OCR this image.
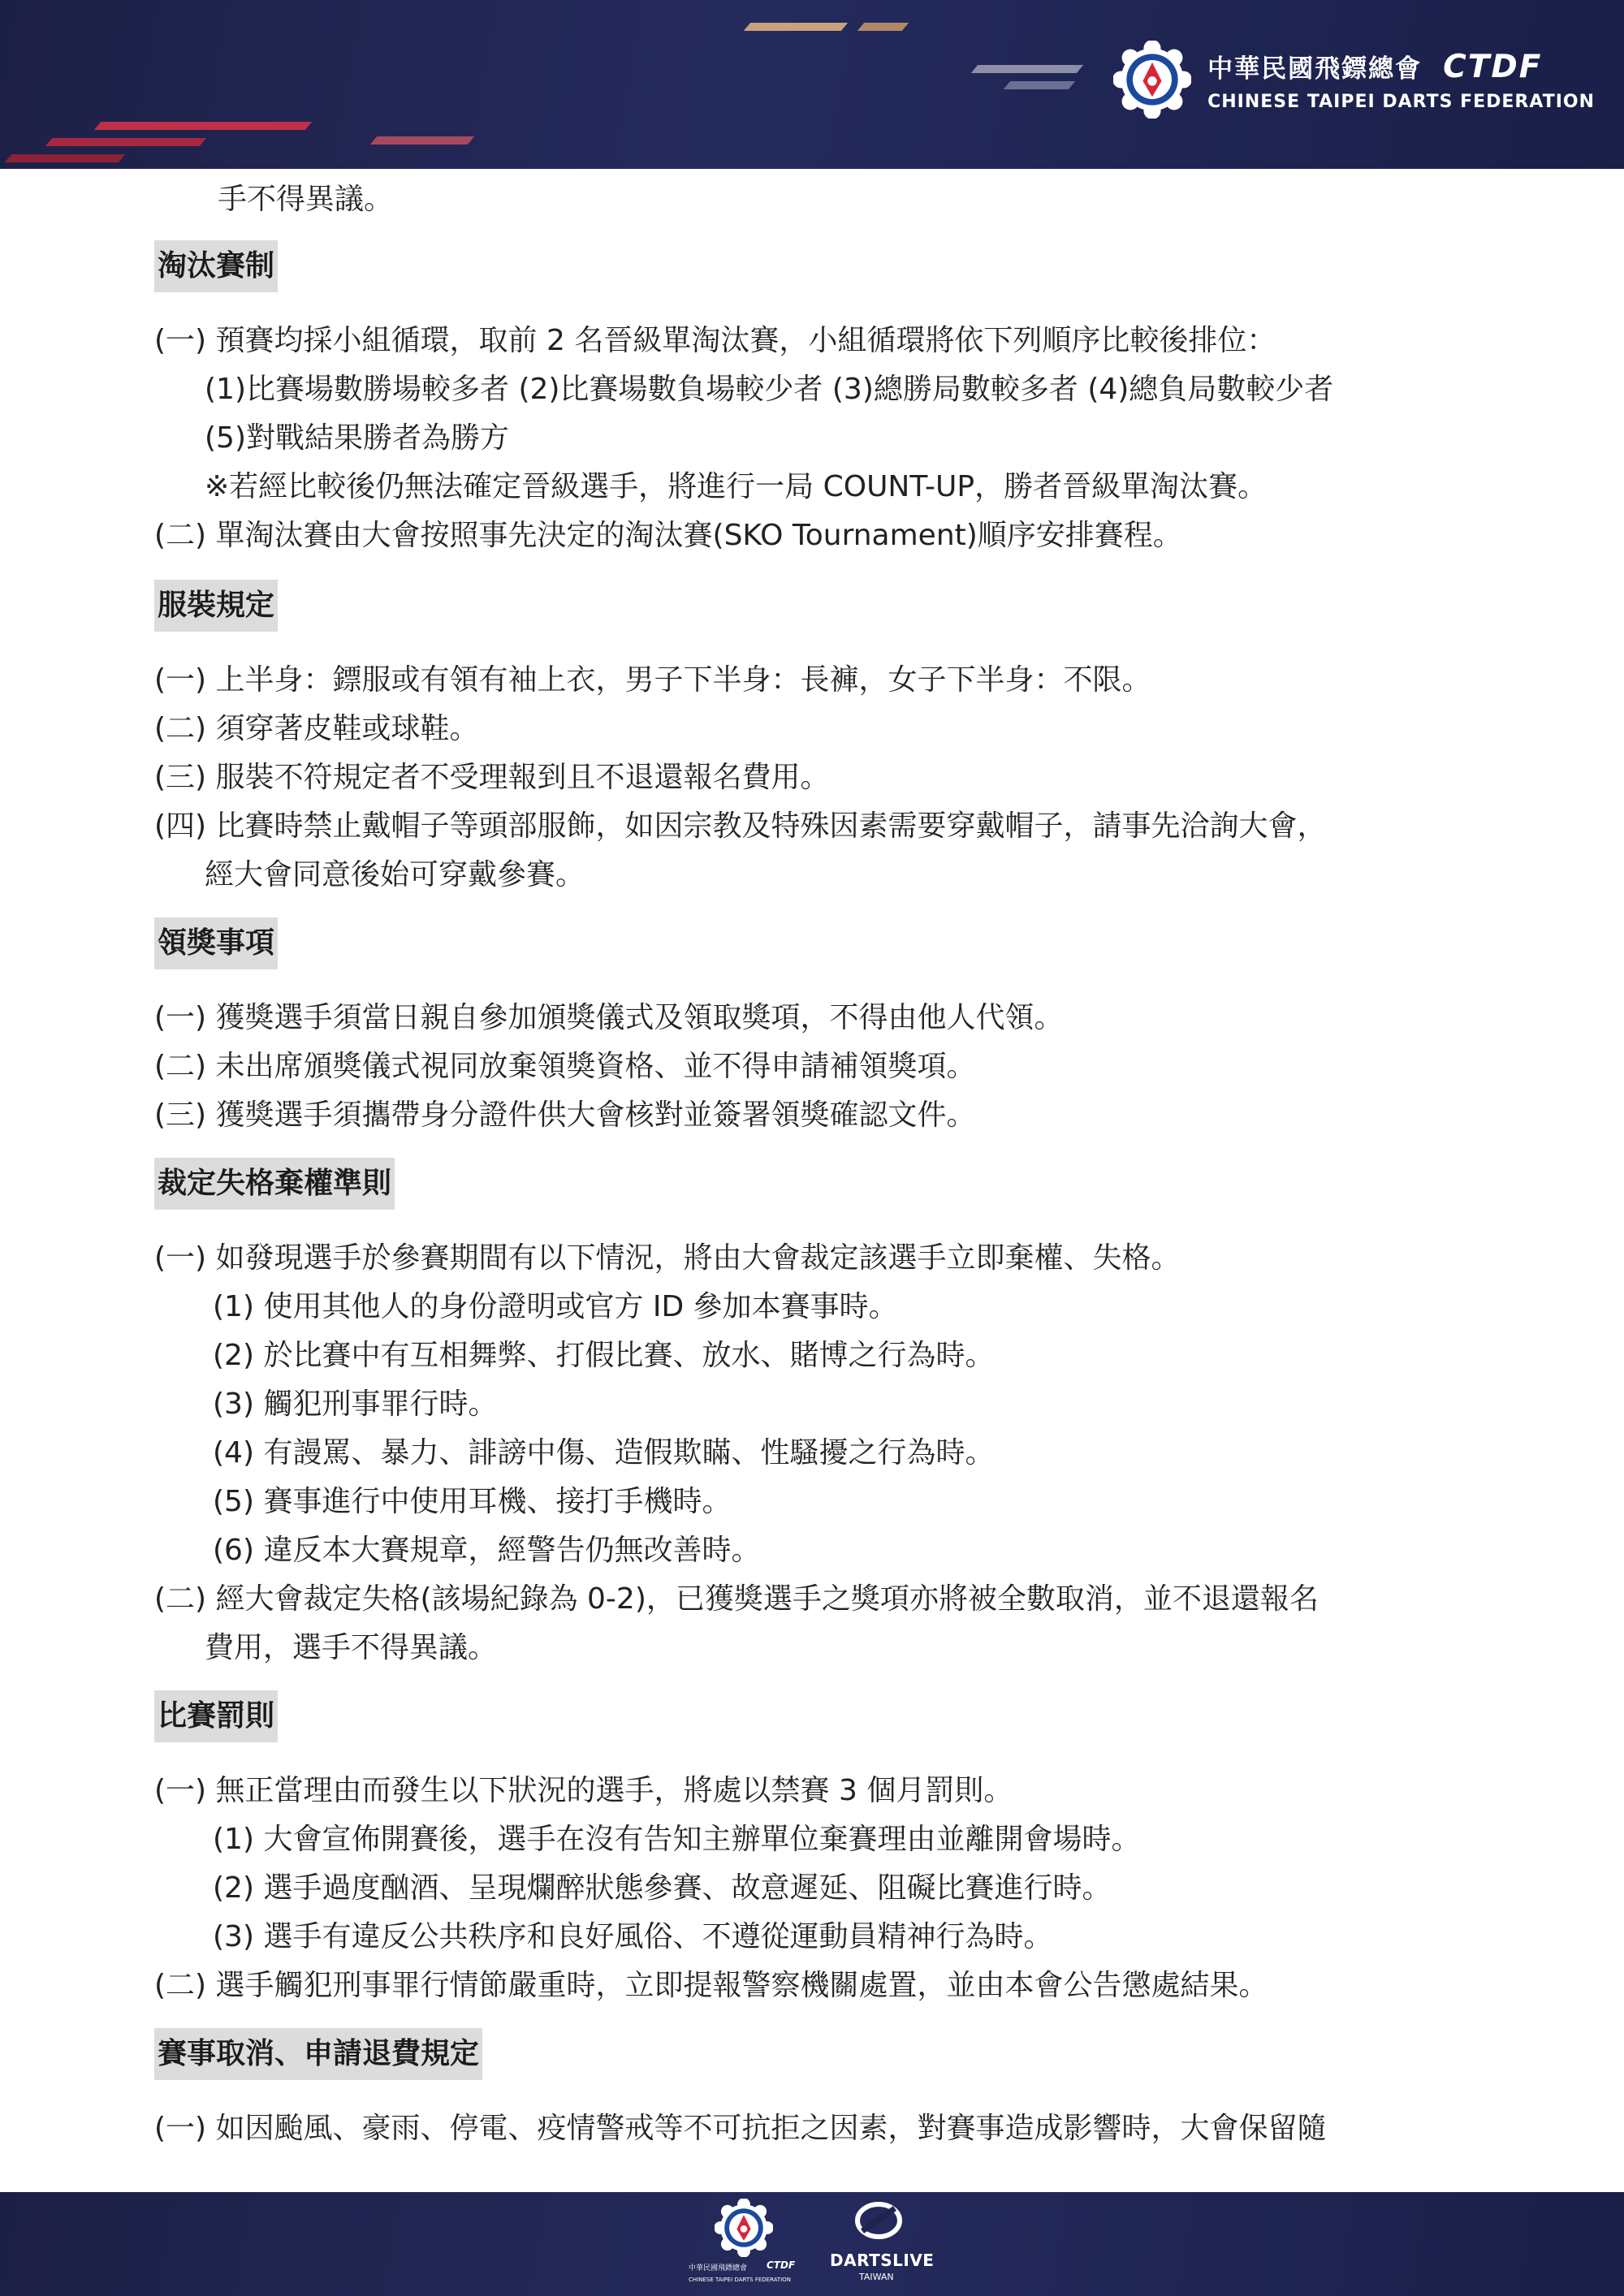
中華民國飛鏢總會 CTDF
CHINESE TAIPEI DARTS FEDERATION
手不得異議。
淘汰賽制
(一) 預賽均採小組循環，取前 2 名晉級單淘汰賽，小組循環將依下列順序比較後排位：
(1)比賽場數勝場較多者 (2)比賽場數負場較少者 (3)總勝局數較多者 (4)總負局數較少者
(5)對戰結果勝者為勝方
※若經比較後仍無法確定晉級選手，將進行一局 COUNT-UP，勝者晉級單淘汰賽。
(二) 單淘汰賽由大會按照事先決定的淘汰賽(SKO Tournament)順序安排賽程。
服裝規定
(一) 上半身：鏢服或有領有袖上衣，男子下半身：長褲，女子下半身：不限。
(二) 須穿著皮鞋或球鞋。
(三) 服裝不符規定者不受理報到且不退還報名費用。
(四) 比賽時禁止戴帽子等頭部服飾，如因宗教及特殊因素需要穿戴帽子，請事先洽詢大會，
經大會同意後始可穿戴參賽。
領獎事項
(一) 獲獎選手須當日親自參加頒獎儀式及領取獎項，不得由他人代領。
(二) 未出席頒獎儀式視同放棄領獎資格、並不得申請補領獎項。
(三) 獲獎選手須攜帶身分證件供大會核對並簽署領獎確認文件。
裁定失格棄權準則
(一) 如發現選手於參賽期間有以下情況，將由大會裁定該選手立即棄權、失格。
(1) 使用其他人的身份證明或官方 ID 參加本賽事時。
(2) 於比賽中有互相舞弊、打假比賽、放水、賭博之行為時。
(3) 觸犯刑事罪行時。
(4) 有謾罵、暴力、誹謗中傷、造假欺瞞、性騷擾之行為時。
(5) 賽事進行中使用耳機、接打手機時。
(6) 違反本大賽規章，經警告仍無改善時。
(二) 經大會裁定失格(該場紀錄為 0-2)，已獲獎選手之獎項亦將被全數取消，並不退還報名
費用，選手不得異議。
比賽罰則
(一) 無正當理由而發生以下狀況的選手，將處以禁賽 3 個月罰則。
(1) 大會宣佈開賽後，選手在沒有告知主辦單位棄賽理由並離開會場時。
(2) 選手過度酗酒、呈現爛醉狀態參賽、故意遲延、阻礙比賽進行時。
(3) 選手有違反公共秩序和良好風俗、不遵從運動員精神行為時。
(二) 選手觸犯刑事罪行情節嚴重時，立即提報警察機關處置，並由本會公告懲處結果。
賽事取消、申請退費規定
(一) 如因颱風、豪雨、停電、疫情警戒等不可抗拒之因素，對賽事造成影響時，大會保留隨
中華民國飛鏢總會 CTDF
CHINESE TAIPEI DARTS FEDERATION
DARTSLIVE
TAIWAN
